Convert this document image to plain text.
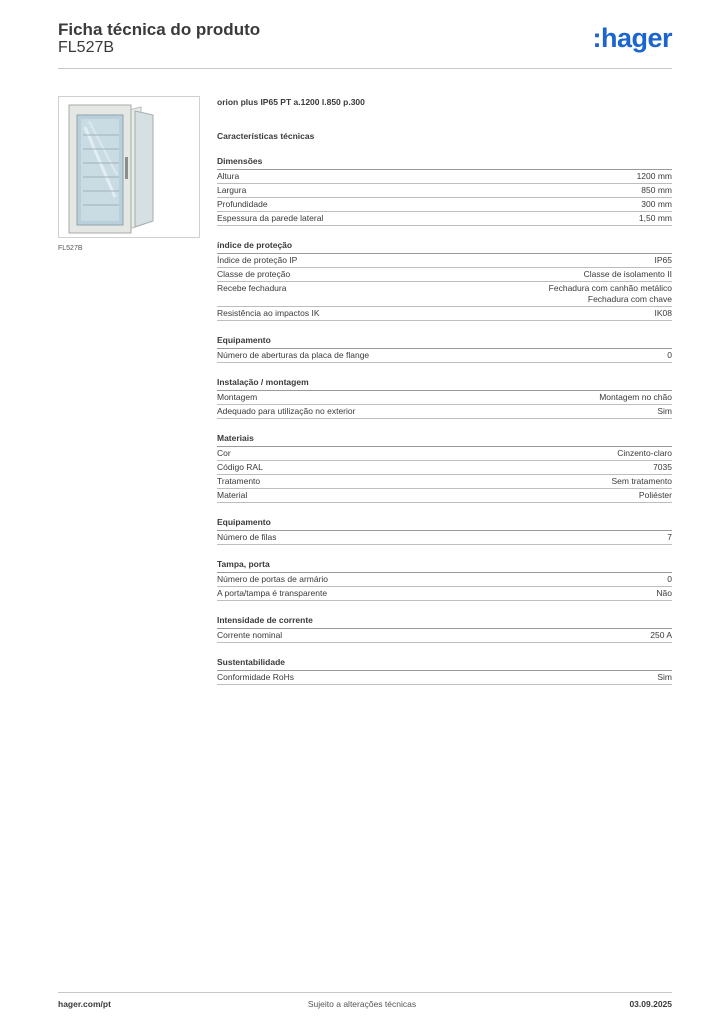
Ficha técnica do produto
FL527B	:hager
FL527B
orion plus IP65 PT a.1200 l.850 p.300
Características técnicas
Dimensões
Altura	1200 mm
Largura	850 mm
Profundidade	300 mm
Espessura da parede lateral	1,50 mm
índice de proteção
Índice de proteção IP	IP65
Classe de proteção	Classe de isolamento II
Recebe fechadura	Fechadura com canhão metálico
Fechadura com chave
Resistência ao impactos IK	IK08
Equipamento
Número de aberturas da placa de flange	0
Instalação / montagem
Montagem	Montagem no chão
Adequado para utilização no exterior	Sim
Materiais
Cor	Cinzento-claro
Código RAL	7035
Tratamento	Sem tratamento
Material	Poliéster
Equipamento
Número de filas	7
Tampa, porta
Número de portas de armário	0
A porta/tampa é transparente	Não
Intensidade de corrente
Corrente nominal	250 A
Sustentabilidade
Conformidade RoHs	Sim
hager.com/pt	Sujeito a alterações técnicas	03.09.2025
